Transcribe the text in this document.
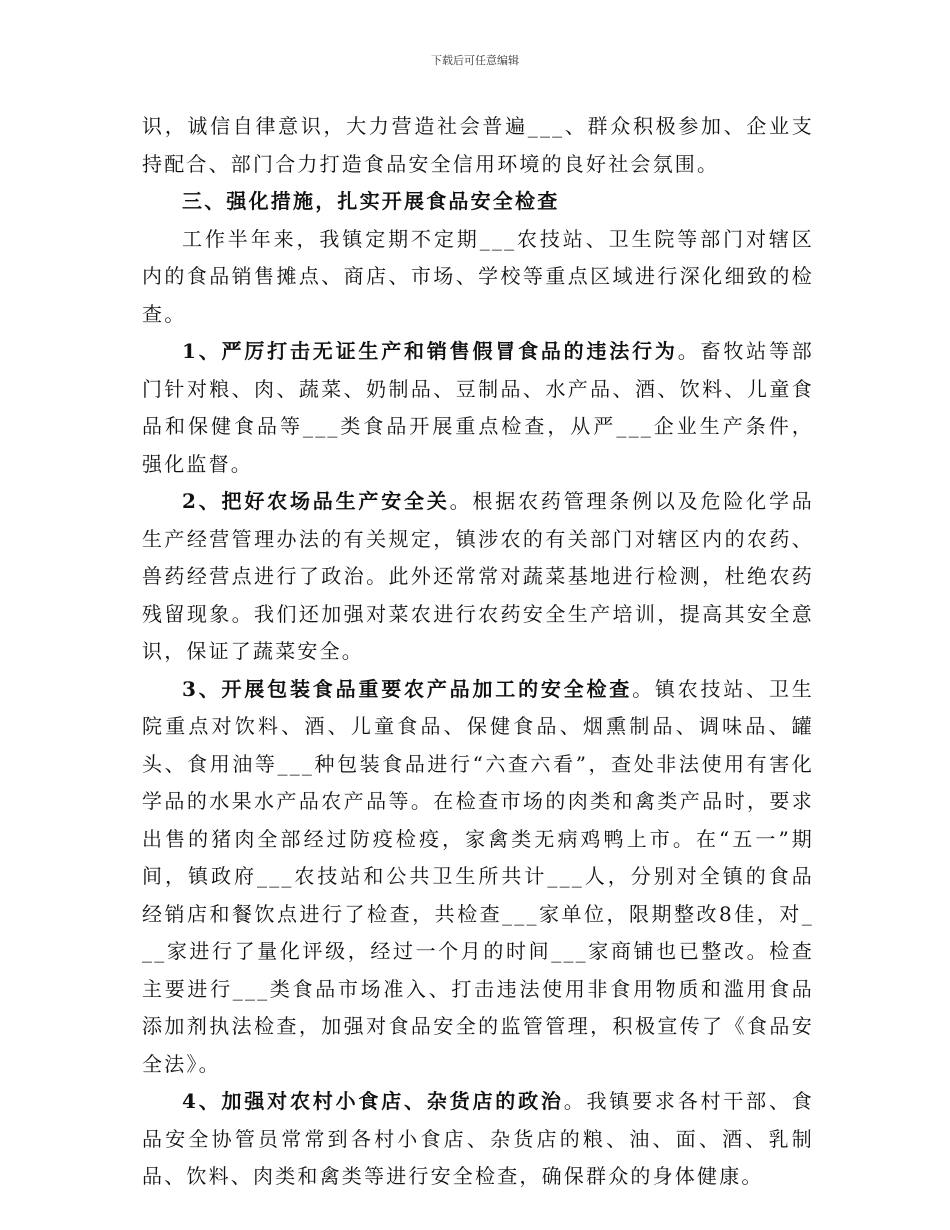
下载后可任意编辑

识，诚信自律意识，大力营造社会普遍___、群众积极参加、企业支持配合、部门合力打造食品安全信用环境的良好社会氛围。

三、强化措施，扎实开展食品安全检查

工作半年来，我镇定期不定期___农技站、卫生院等部门对辖区内的食品销售摊点、商店、市场、学校等重点区域进行深化细致的检查。

1、严厉打击无证生产和销售假冒食品的违法行为。畜牧站等部门针对粮、肉、蔬菜、奶制品、豆制品、水产品、酒、饮料、儿童食品和保健食品等___类食品开展重点检查，从严___企业生产条件，强化监督。

2、把好农场品生产安全关。根据农药管理条例以及危险化学品生产经营管理办法的有关规定，镇涉农的有关部门对辖区内的农药、兽药经营点进行了政治。此外还常常对蔬菜基地进行检测，杜绝农药残留现象。我们还加强对菜农进行农药安全生产培训，提高其安全意识，保证了蔬菜安全。

3、开展包装食品重要农产品加工的安全检查。镇农技站、卫生院重点对饮料、酒、儿童食品、保健食品、烟熏制品、调味品、罐头、食用油等___种包装食品进行“六查六看”，查处非法使用有害化学品的水果水产品农产品等。在检查市场的肉类和禽类产品时，要求出售的猪肉全部经过防疫检疫，家禽类无病鸡鸭上市。在“五一”期间，镇政府___农技站和公共卫生所共计___人，分别对全镇的食品经销店和餐饮点进行了检查，共检查___家单位，限期整改8佳，对___家进行了量化评级，经过一个月的时间___家商铺也已整改。检查主要进行___类食品市场准入、打击违法使用非食用物质和滥用食品添加剂执法检查，加强对食品安全的监管管理，积极宣传了《食品安全法》。

4、加强对农村小食店、杂货店的政治。我镇要求各村干部、食品安全协管员常常到各村小食店、杂货店的粮、油、面、酒、乳制品、饮料、肉类和禽类等进行安全检查，确保群众的身体健康。
